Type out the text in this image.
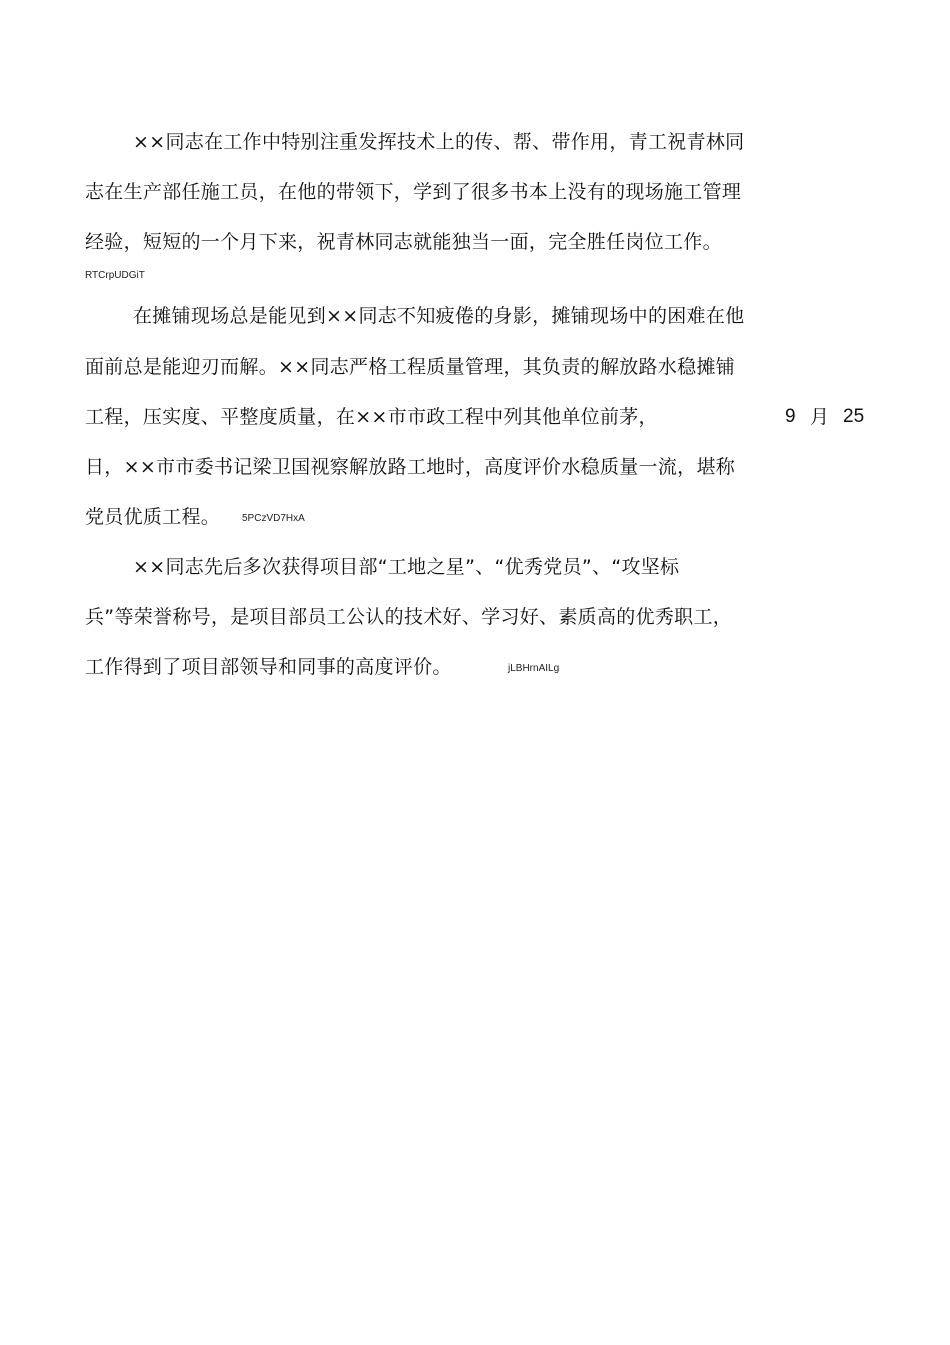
××同志在工作中特别注重发挥技术上的传、帮、带作用，青工祝青林同
志在生产部任施工员，在他的带领下，学到了很多书本上没有的现场施工管理
经验，短短的一个月下来，祝青林同志就能独当一面，完全胜任岗位工作。
RTCrpUDGiT
在摊铺现场总是能见到××同志不知疲倦的身影，摊铺现场中的困难在他
面前总是能迎刃而解。××同志严格工程质量管理，其负责的解放路水稳摊铺
工程，压实度、平整度质量，在××市市政工程中列其他单位前茅，	9 月 25
日，××市市委书记梁卫国视察解放路工地时，高度评价水稳质量一流，堪称
党员优质工程。 5PCzVD7HxA
××同志先后多次获得项目部“工地之星”、“优秀党员”、“攻坚标
兵”等荣誉称号，是项目部员工公认的技术好、学习好、素质高的优秀职工，
工作得到了项目部领导和同事的高度评价。	jLBHrnAILg
